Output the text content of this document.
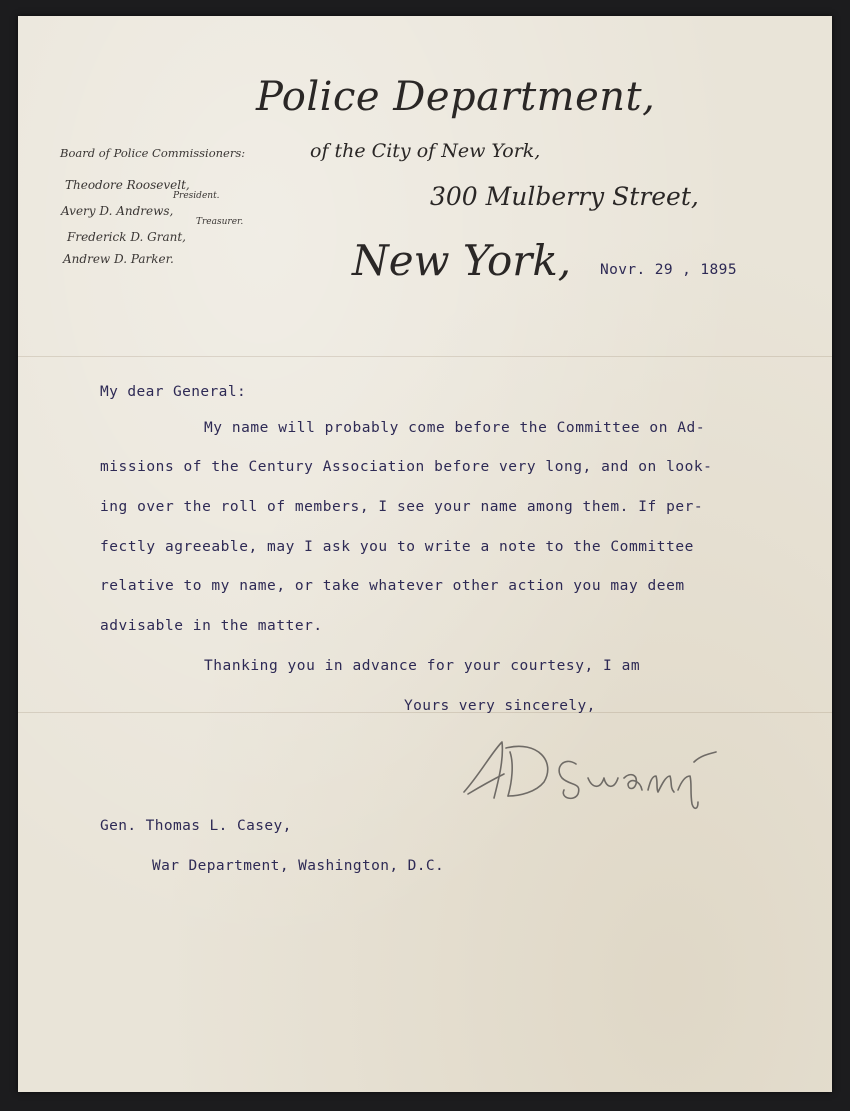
Police Department,
of the City of New York,
300 Mulberry Street,
New York,
Board of Police Commissioners:
Theodore Roosevelt,
President.
Avery D. Andrews,
Treasurer.
Frederick D. Grant,
Andrew D. Parker.
Novr. 29 , 1895
My dear General:
My name will probably come before the Committee on Ad-
missions of the Century Association before very long, and on look-
ing over the roll of members, I see your name among them. If per-
fectly agreeable, may I ask you to write a note to the Committee
relative to my name, or take whatever other action you may deem
advisable in the matter.
Thanking you in advance for your courtesy, I am
Yours very sincerely,
Gen. Thomas L. Casey,
War Department, Washington, D.C.
